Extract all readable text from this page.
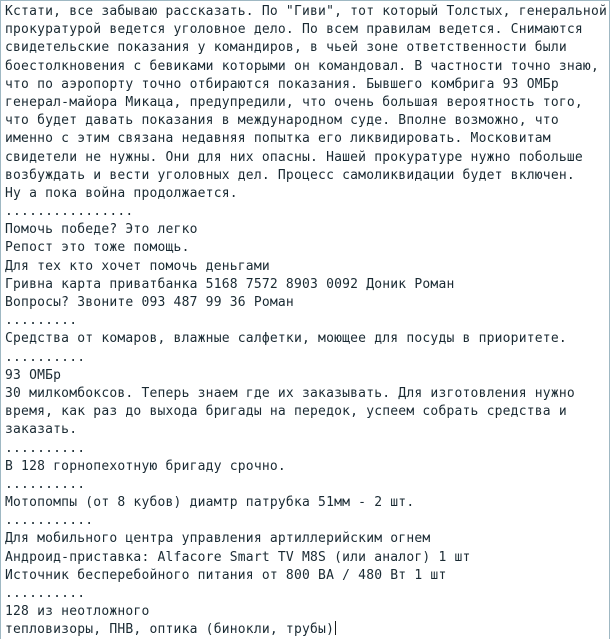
Кстати, все забываю рассказать. По "Гиви", тот который Толстых, генеральной
прокуратурой ведется уголовное дело. По всем правилам ведется. Снимаются
свидетельские показания у командиров, в чьей зоне ответственности были
боестолкновения с бевиками которыми он командовал. В частности точно знаю,
что по аэропорту точно отбираются показания. Бывшего комбрига 93 ОМБр
генерал-майора Микаца, предупредили, что очень большая вероятность того,
что будет давать показания в международном суде. Вполне возможно, что
именно с этим связана недавняя попытка его ликвидировать. Московитам
свидетели не нужны. Они для них опасны. Нашей прокуратуре нужно побольше
возбуждать и вести уголовных дел. Процесс самоликвидации будет включен.
Ну а пока война продолжается.
................
Помочь победе? Это легко
Репост это тоже помощь.
Для тех кто хочет помочь деньгами
Гривна карта приватбанка 5168 7572 8903 0092 Доник Роман
Вопросы? Звоните 093 487 99 36 Роман
.........
Средства от комаров, влажные салфетки, моющее для посуды в приоритете.
..........
93 ОМБр
30 милкомбоксов. Теперь знаем где их заказывать. Для изготовления нужно
время, как раз до выхода бригады на передок, успеем собрать средства и
заказать.
..........
В 128 горнопехотную бригаду срочно.
..........
Мотопомпы (от 8 кубов) диамтр патрубка 51мм - 2 шт.
...........
Для мобильного центра управления артиллерийским огнем
Андроид-приставка: Alfacore Smart TV M8S (или аналог) 1 шт
Источник бесперебойного питания от 800 ВА / 480 Вт 1 шт
..........
128 из неотложного
тепловизоры, ПНВ, оптика (бинокли, трубы)
